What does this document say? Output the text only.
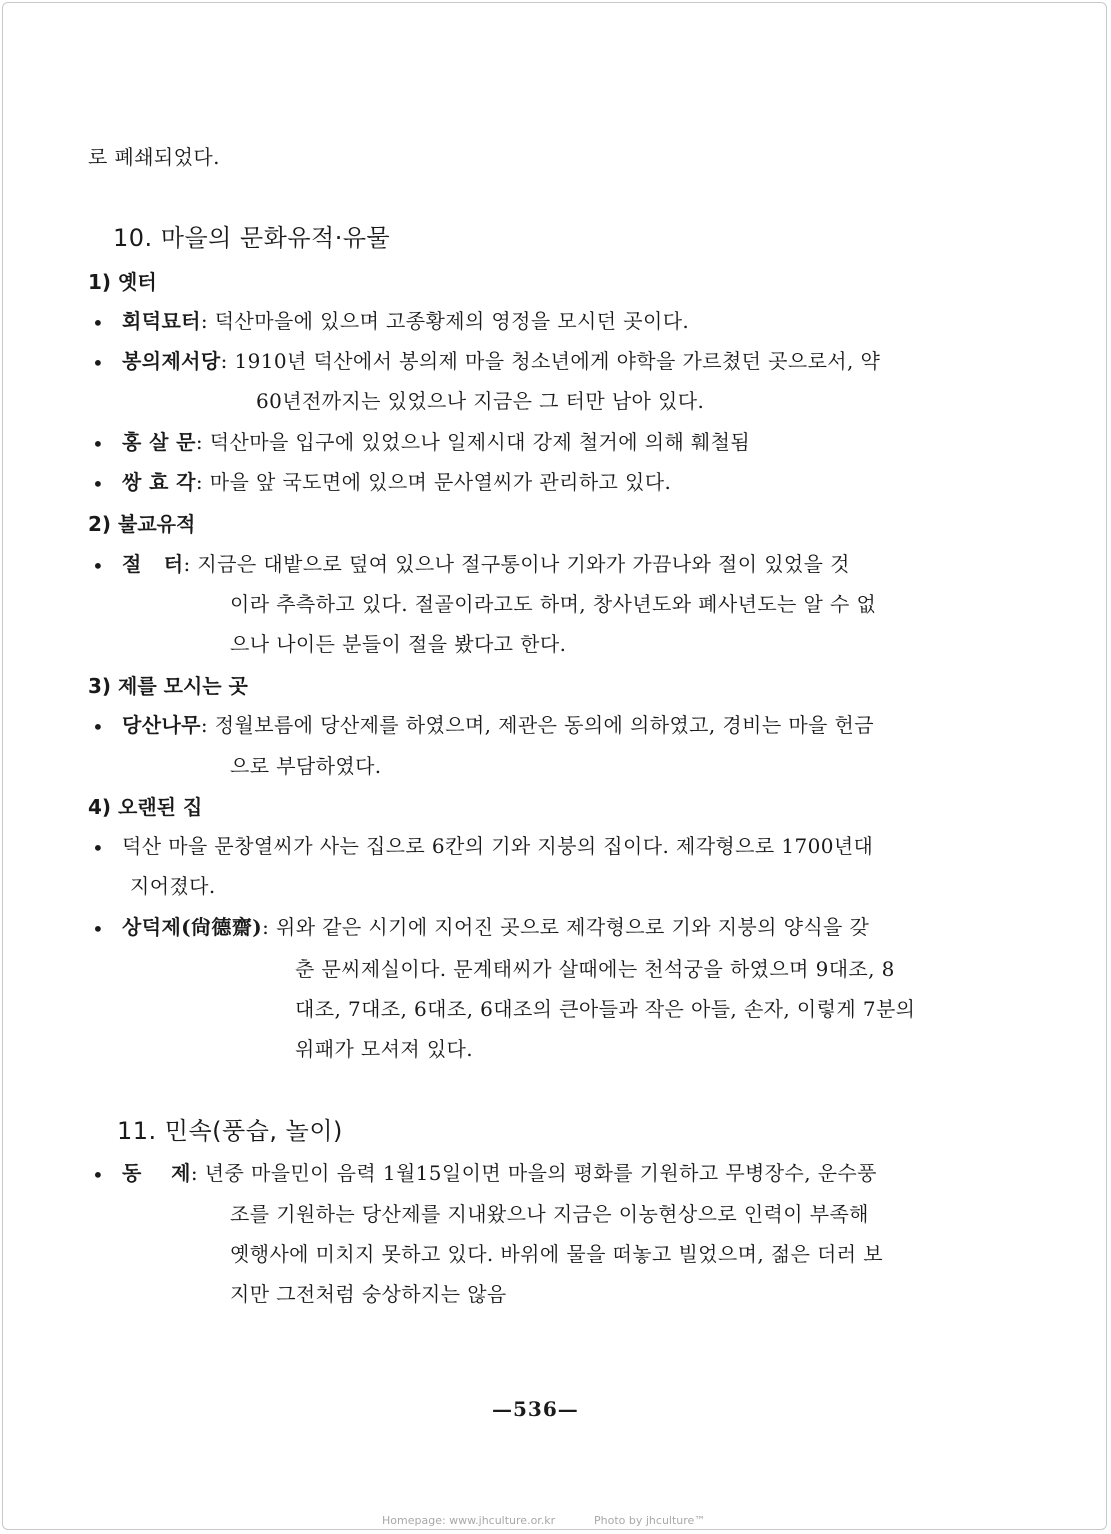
로 폐쇄되었다.
10. 마을의 문화유적·유물
1) 옛터
• 회덕묘터: 덕산마을에 있으며 고종황제의 영정을 모시던 곳이다.
• 봉의제서당: 1910년 덕산에서 봉의제 마을 청소년에게 야학을 가르쳤던 곳으로서, 약
60년전까지는 있었으나 지금은 그 터만 남아 있다.
• 홍 살 문: 덕산마을 입구에 있었으나 일제시대 강제 철거에 의해 훼철됨
• 쌍 효 각: 마을 앞 국도면에 있으며 문사열씨가 관리하고 있다.
2) 불교유적
• 절   터: 지금은 대밭으로 덮여 있으나 절구통이나 기와가 가끔나와 절이 있었을 것
이라 추측하고 있다. 절골이라고도 하며, 창사년도와 폐사년도는 알 수 없
으나 나이든 분들이 절을 봤다고 한다.
3) 제를 모시는 곳
• 당산나무: 정월보름에 당산제를 하였으며, 제관은 동의에 의하였고, 경비는 마을 헌금
으로 부담하였다.
4) 오랜된 집
• 덕산 마을 문창열씨가 사는 집으로 6칸의 기와 지붕의 집이다. 제각형으로 1700년대
지어졌다.
• 상덕제(尙德齋): 위와 같은 시기에 지어진 곳으로 제각형으로 기와 지붕의 양식을 갖
춘 문씨제실이다. 문계태씨가 살때에는 천석궁을 하였으며 9대조, 8
대조, 7대조, 6대조, 6대조의 큰아들과 작은 아들, 손자, 이렇게 7분의
위패가 모셔져 있다.
11. 민속(풍습, 놀이)
• 동    제: 년중 마을민이 음력 1월15일이면 마을의 평화를 기원하고 무병장수, 운수풍
조를 기원하는 당산제를 지내왔으나 지금은 이농현상으로 인력이 부족해
옛행사에 미치지 못하고 있다. 바위에 물을 떠놓고 빌었으며, 젊은 더러 보
지만 그전처럼 숭상하지는 않음
—536—
Homepage: www.jhculture.or.kr	Photo by jhculture™
